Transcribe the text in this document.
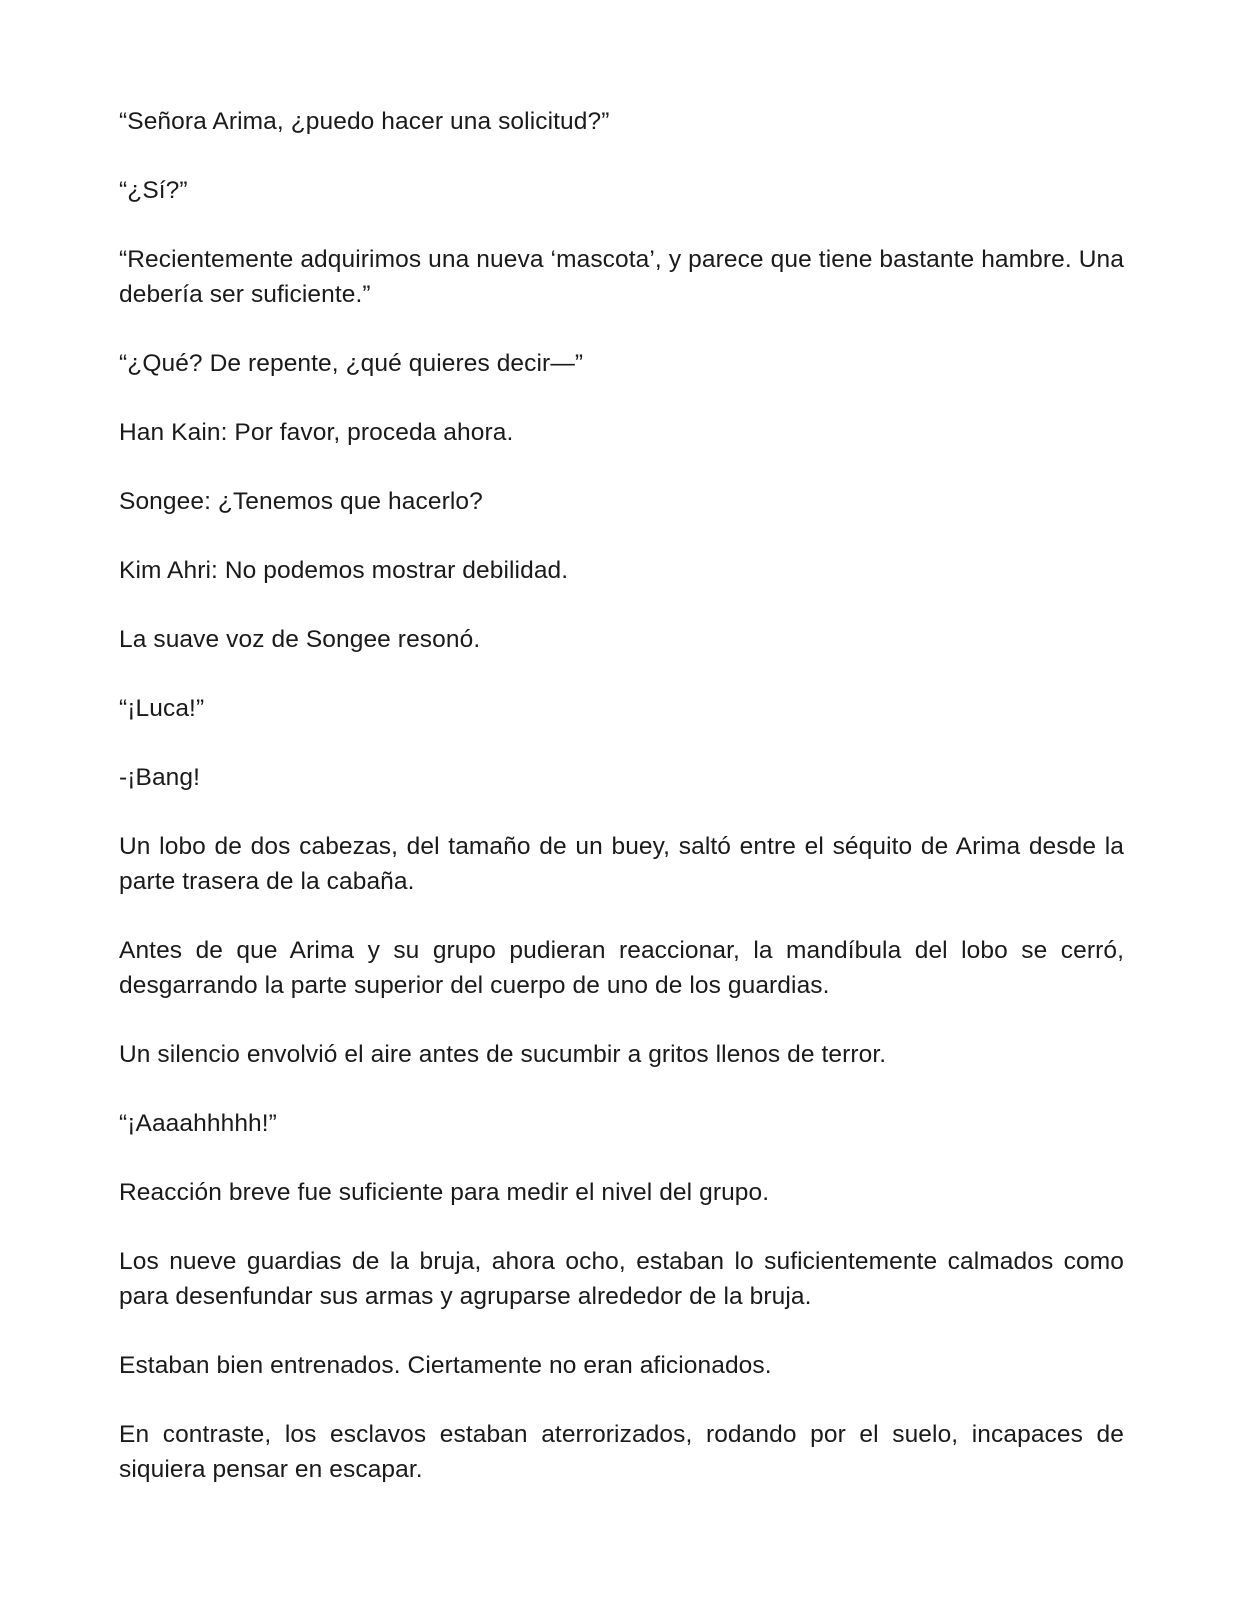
“Señora Arima, ¿puedo hacer una solicitud?”

“¿Sí?”

“Recientemente adquirimos una nueva ‘mascota’, y parece que tiene bastante hambre. Una debería ser suficiente.”

“¿Qué? De repente, ¿qué quieres decir—”

Han Kain: Por favor, proceda ahora.

Songee: ¿Tenemos que hacerlo?

Kim Ahri: No podemos mostrar debilidad.

La suave voz de Songee resonó.

“¡Luca!”

-¡Bang!

Un lobo de dos cabezas, del tamaño de un buey, saltó entre el séquito de Arima desde la parte trasera de la cabaña.

Antes de que Arima y su grupo pudieran reaccionar, la mandíbula del lobo se cerró, desgarrando la parte superior del cuerpo de uno de los guardias.

Un silencio envolvió el aire antes de sucumbir a gritos llenos de terror.

“¡Aaaahhhhh!”

Reacción breve fue suficiente para medir el nivel del grupo.

Los nueve guardias de la bruja, ahora ocho, estaban lo suficientemente calmados como para desenfundar sus armas y agruparse alrededor de la bruja.

Estaban bien entrenados. Ciertamente no eran aficionados.

En contraste, los esclavos estaban aterrorizados, rodando por el suelo, incapaces de siquiera pensar en escapar.
